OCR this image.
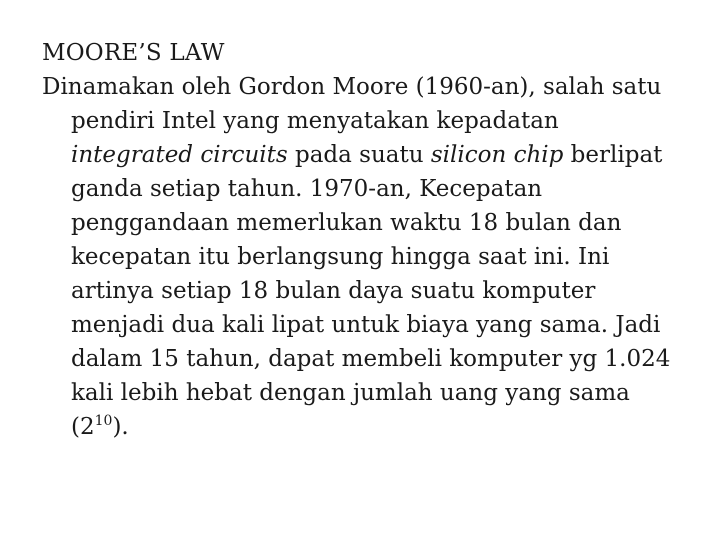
MOORE’S LAW

Dinamakan oleh Gordon Moore (1960-an), salah satu pendiri Intel yang menyatakan kepadatan integrated circuits pada suatu silicon chip berlipat ganda setiap tahun. 1970-an, Kecepatan penggandaan memerlukan waktu 18 bulan dan kecepatan itu berlangsung hingga saat ini. Ini artinya setiap 18 bulan daya suatu komputer menjadi dua kali lipat untuk biaya yang sama. Jadi dalam 15 tahun, dapat membeli komputer yg 1.024 kali lebih hebat dengan jumlah uang yang sama $(2^{10})$.
